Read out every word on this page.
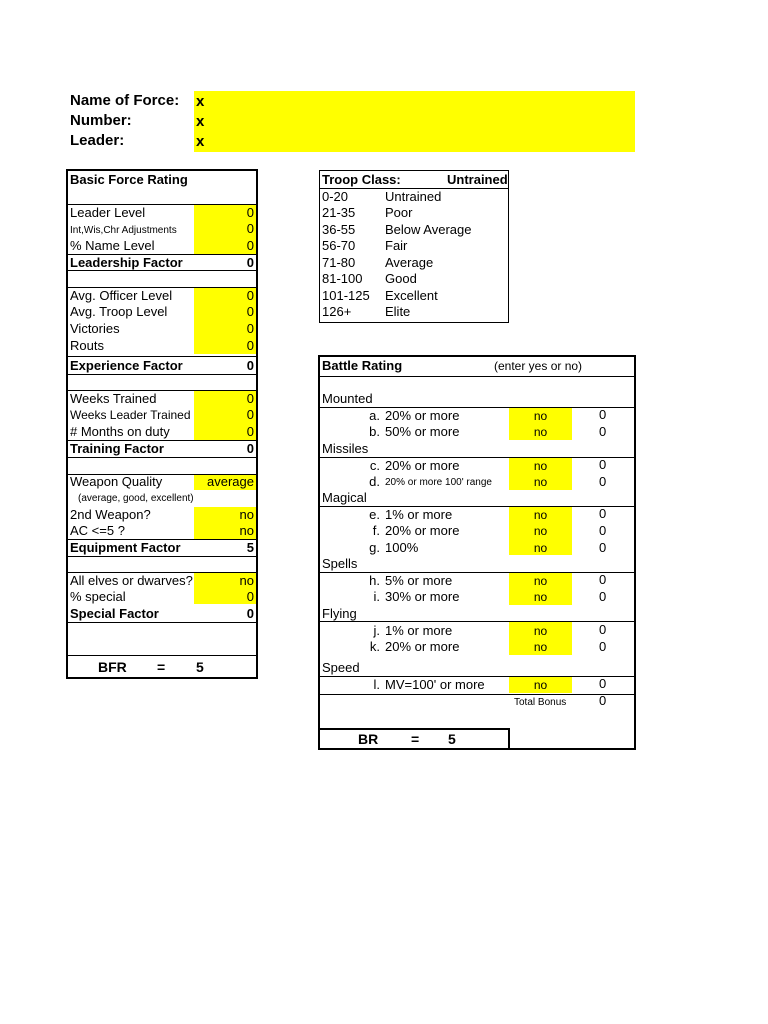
Name of Force: x
Number:	x
Leader:	x
Basic Force Rating
Leader Level	0
Int,Wis,Chr Adjustments	0
% Name Level	0
Leadership Factor	0
Avg. Officer Level	0
Avg. Troop Level	0
Victories	0
Routs	0
Experience Factor	0
Weeks Trained	0
Weeks Leader Trained	0
# Months on duty	0
Training Factor	0
Weapon Quality	average
(average, good, excellent)
2nd Weapon?	no
AC <=5 ?	no
Equipment Factor	5
All elves or dwarves?	no
% special	0
Special Factor	0
BFR = 5
Troop Class:	Untrained
0-20	Untrained
21-35 Poor
36-55 Below Average
56-70 Fair
71-80 Average
81-100 Good
101-125 Excellent
126+	Elite
Battle Rating	(enter yes or no)
Mounted
a. 20% or more	no	0
b. 50% or more	no	0
Missiles
c. 20% or more	no	0
d. 20% or more 100' range	no	0
Magical
e. 1% or more	no	0
f. 20% or more	no	0
g. 100%	no	0
Spells
h. 5% or more	no	0
i. 30% or more	no	0
Flying
j. 1% or more	no	0
k. 20% or more	no	0
Speed
l. MV=100' or more	no	0
Total Bonus	0
BR = 5
